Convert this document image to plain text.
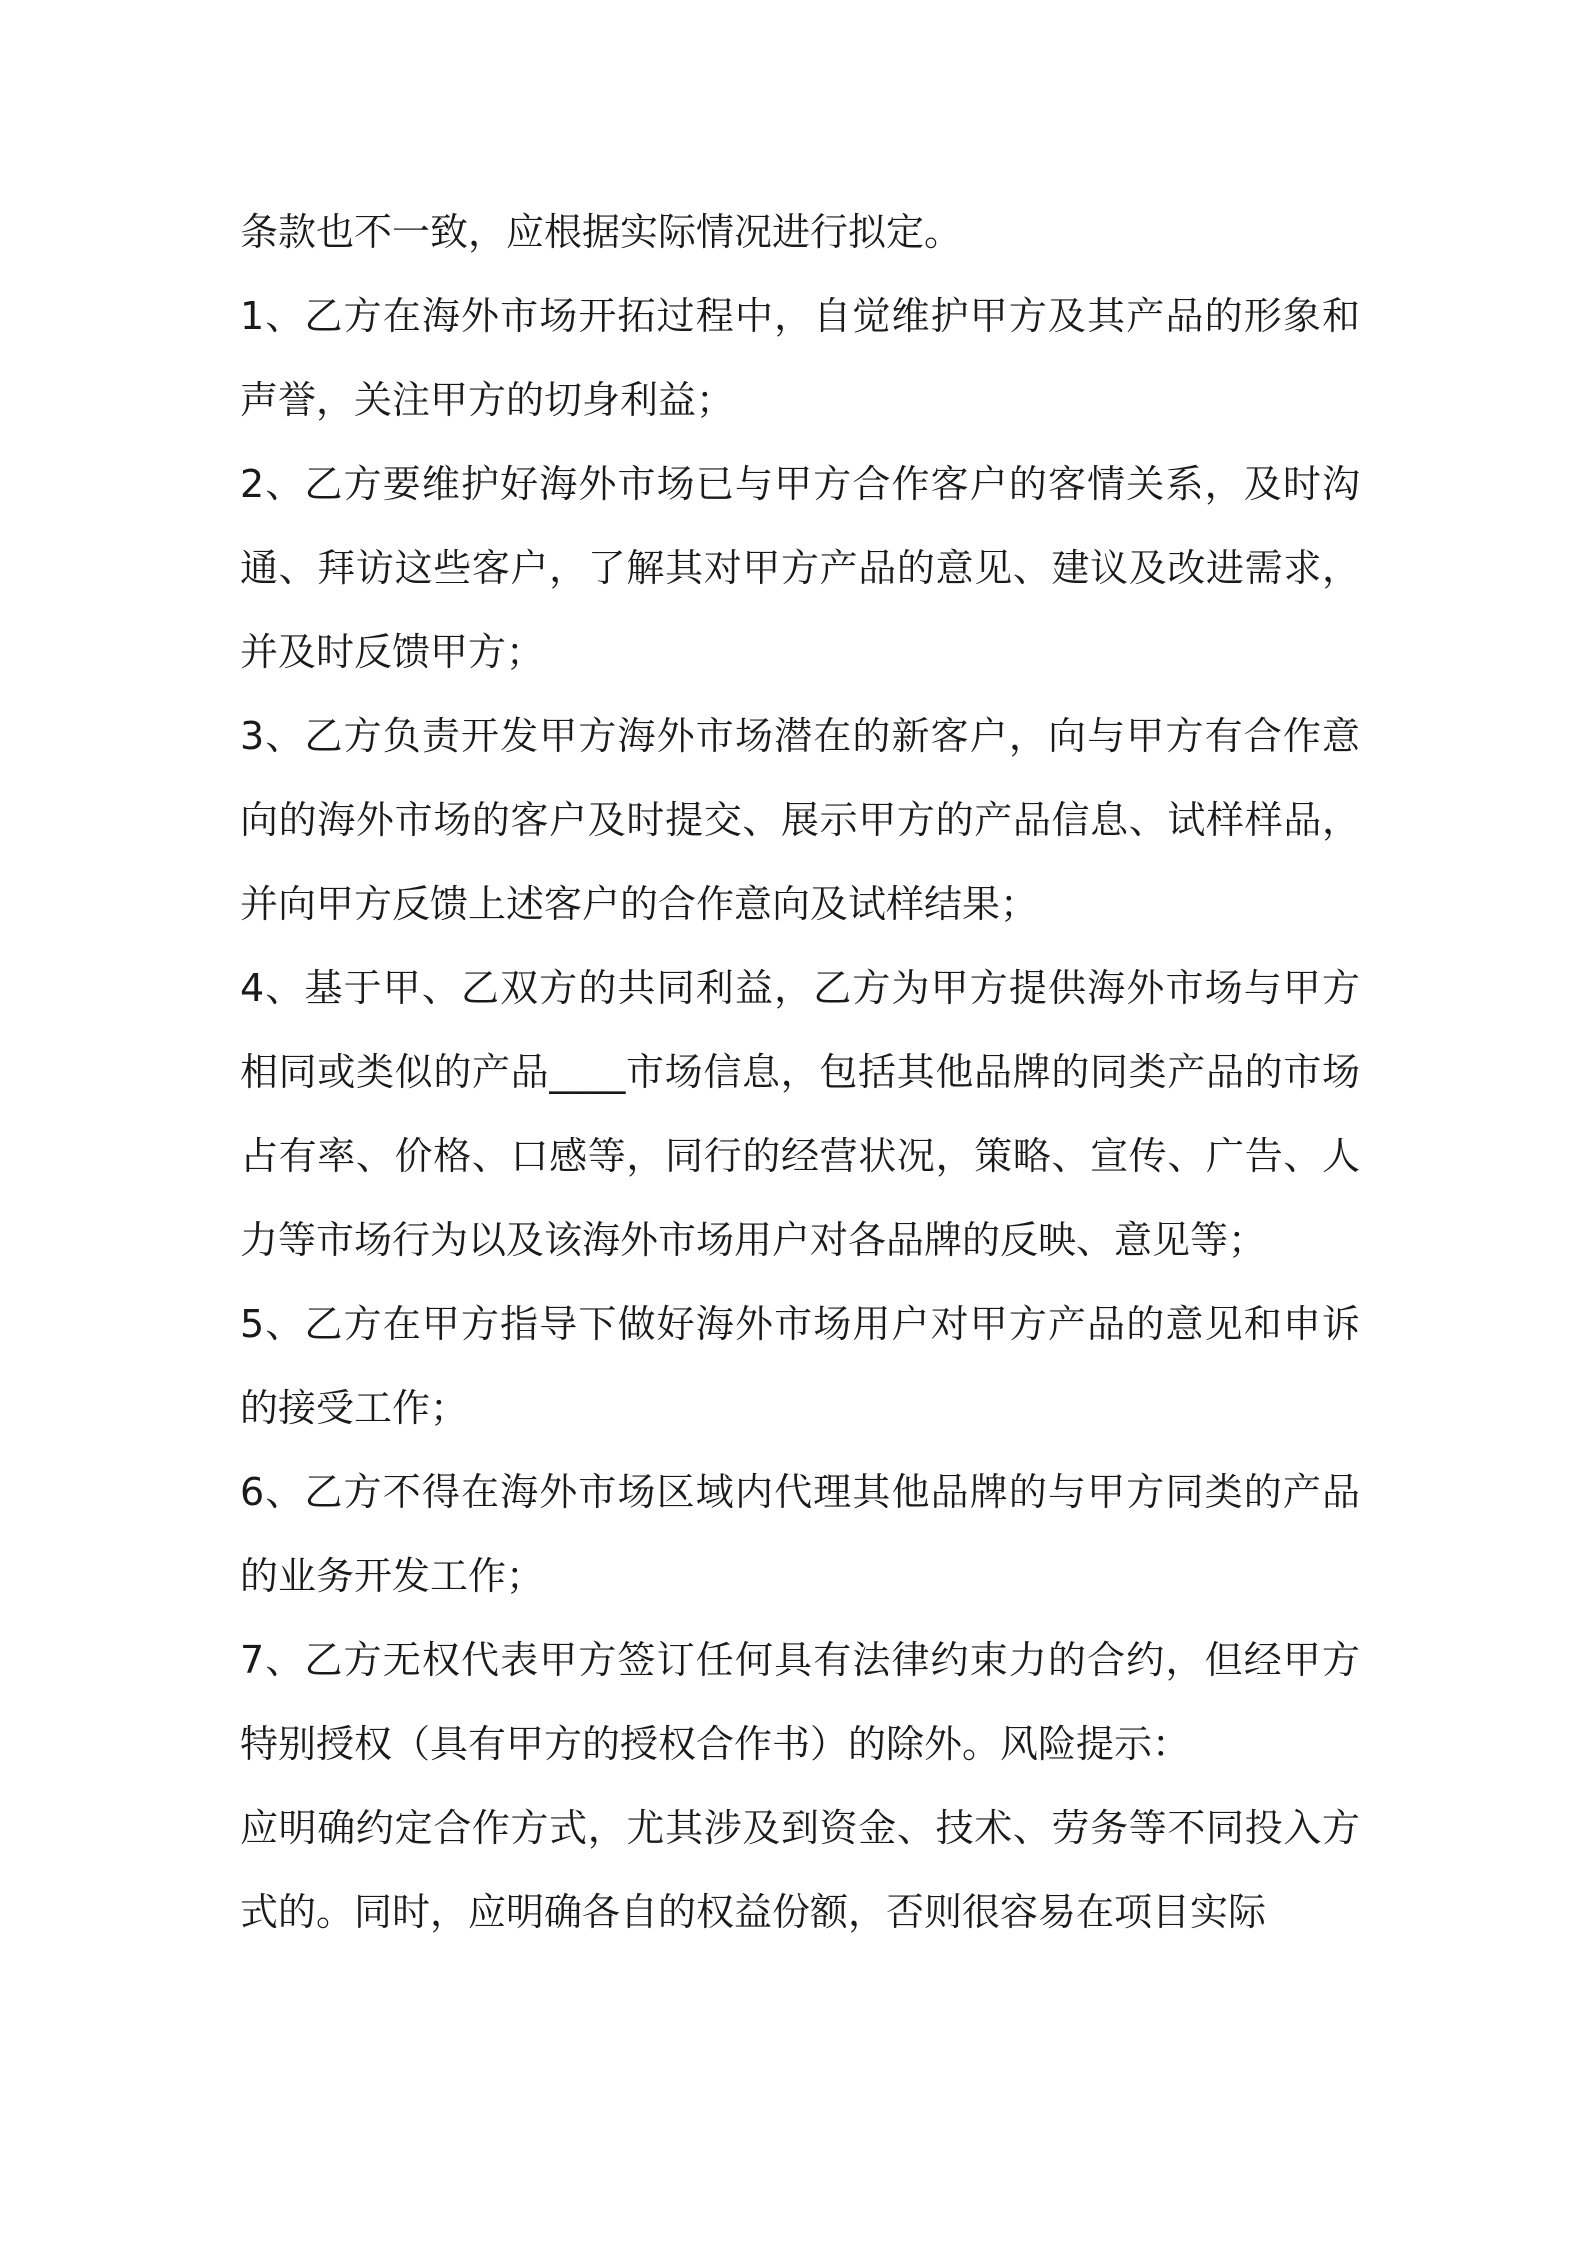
条款也不一致，应根据实际情况进行拟定。

1、乙方在海外市场开拓过程中，自觉维护甲方及其产品的形象和声誉，关注甲方的切身利益；

2、乙方要维护好海外市场已与甲方合作客户的客情关系，及时沟通、拜访这些客户，了解其对甲方产品的意见、建议及改进需求，并及时反馈甲方；

3、乙方负责开发甲方海外市场潜在的新客户，向与甲方有合作意向的海外市场的客户及时提交、展示甲方的产品信息、试样样品，并向甲方反馈上述客户的合作意向及试样结果；

4、基于甲、乙双方的共同利益，乙方为甲方提供海外市场与甲方相同或类似的产品____市场信息，包括其他品牌的同类产品的市场占有率、价格、口感等，同行的经营状况，策略、宣传、广告、人力等市场行为以及该海外市场用户对各品牌的反映、意见等；

5、乙方在甲方指导下做好海外市场用户对甲方产品的意见和申诉的接受工作；

6、乙方不得在海外市场区域内代理其他品牌的与甲方同类的产品的业务开发工作；

7、乙方无权代表甲方签订任何具有法律约束力的合约，但经甲方特别授权（具有甲方的授权合作书）的除外。风险提示：

应明确约定合作方式，尤其涉及到资金、技术、劳务等不同投入方式的。同时，应明确各自的权益份额，否则很容易在项目实际
